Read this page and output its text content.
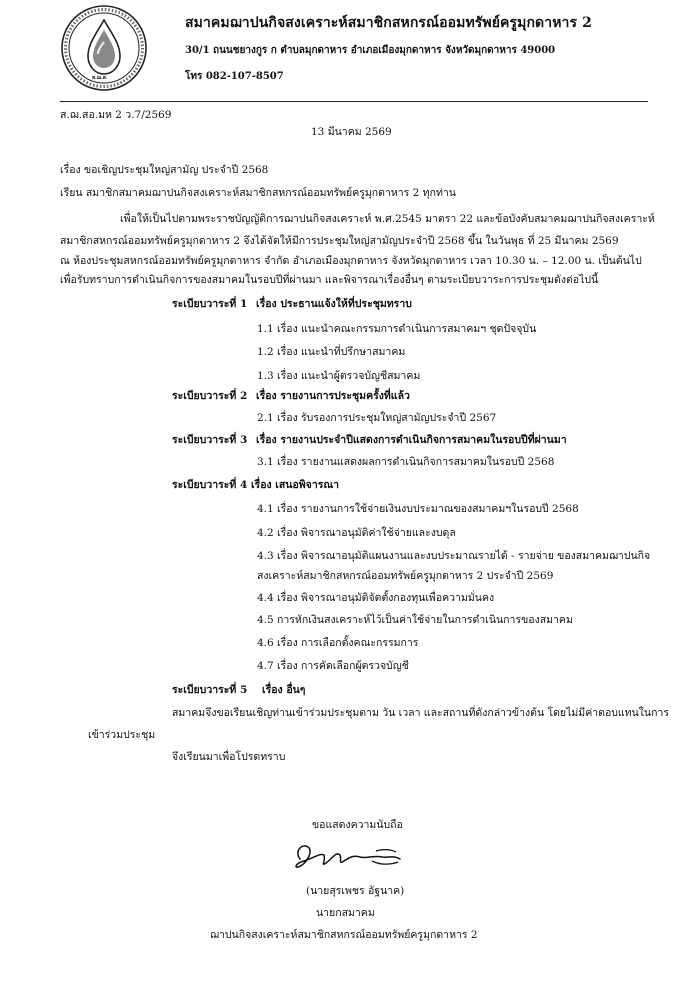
ส.ฌ.ส.
สมาคมฌาปนกิจสงเคราะห์สมาชิกสหกรณ์ออมทรัพย์ครูมุกดาหาร 2
30/1 ถนนชยางกูร ก ตำบลมุกดาหาร อำเภอเมืองมุกดาหาร จังหวัดมุกดาหาร 49000
โทร 082-107-8507
ส.ฌ.สอ.มห 2 ว.7/2569
13 มีนาคม 2569
เรื่อง ขอเชิญประชุมใหญ่สามัญ ประจำปี 2568
เรียน สมาชิกสมาคมฌาปนกิจสงเคราะห์สมาชิกสหกรณ์ออมทรัพย์ครูมุกดาหาร 2 ทุกท่าน
เพื่อให้เป็นไปตามพระราชบัญญัติการฌาปนกิจสงเคราะห์ พ.ศ.2545 มาตรา 22 และข้อบังคับสมาคมฌาปนกิจสงเคราะห์
สมาชิกสหกรณ์ออมทรัพย์ครูมุกดาหาร 2 จึงได้จัดให้มีการประชุมใหญ่สามัญประจำปี 2568 ขึ้น ในวันพุธ ที่ 25 มีนาคม 2569
ณ ห้องประชุมสหกรณ์ออมทรัพย์ครูมุกดาหาร จำกัด อำเภอเมืองมุกดาหาร จังหวัดมุกดาหาร เวลา 10.30 น. – 12.00 น. เป็นต้นไป
เพื่อรับทราบการดำเนินกิจการของสมาคมในรอบปีที่ผ่านมา และพิจารณาเรื่องอื่นๆ ตามระเบียบวาระการประชุมดังต่อไปนี้
ระเบียบวาระที่ 1 เรื่อง ประธานแจ้งให้ที่ประชุมทราบ
1.1 เรื่อง แนะนำคณะกรรมการดำเนินการสมาคมฯ ชุดปัจจุบัน
1.2 เรื่อง แนะนำที่ปรึกษาสมาคม
1.3 เรื่อง แนะนำผู้ตรวจบัญชีสมาคม
ระเบียบวาระที่ 2 เรื่อง รายงานการประชุมครั้งที่แล้ว
2.1 เรื่อง รับรองการประชุมใหญ่สามัญประจำปี 2567
ระเบียบวาระที่ 3 เรื่อง รายงานประจำปีแสดงการดำเนินกิจการสมาคมในรอบปีที่ผ่านมา
3.1 เรื่อง รายงานแสดงผลการดำเนินกิจการสมาคมในรอบปี 2568
ระเบียบวาระที่ 4 เรื่อง เสนอพิจารณา
4.1 เรื่อง รายงานการใช้จ่ายเงินงบประมาณของสมาคมฯในรอบปี 2568
4.2 เรื่อง พิจารณาอนุมัติค่าใช้จ่ายและงบดุล
4.3 เรื่อง พิจารณาอนุมัติแผนงานและงบประมาณรายได้ - รายจ่าย ของสมาคมฌาปนกิจ
สงเคราะห์สมาชิกสหกรณ์ออมทรัพย์ครูมุกดาหาร 2 ประจำปี 2569
4.4 เรื่อง พิจารณาอนุมัติจัดตั้งกองทุนเพื่อความมั่นคง
4.5 การหักเงินสงเคราะห์ไว้เป็นค่าใช้จ่ายในการดำเนินการของสมาคม
4.6 เรื่อง การเลือกตั้งคณะกรรมการ
4.7 เรื่อง การคัดเลือกผู้ตรวจบัญชี
ระเบียบวาระที่ 5 เรื่อง อื่นๆ
สมาคมจึงขอเรียนเชิญท่านเข้าร่วมประชุมตาม วัน เวลา และสถานที่ดังกล่าวข้างต้น โดยไม่มีค่าตอบแทนในการ
เข้าร่วมประชุม
จึงเรียนมาเพื่อโปรดทราบ
ขอแสดงความนับถือ
(นายสุรเพชร อัฐนาค)
นายกสมาคม
ฌาปนกิจสงเคราะห์สมาชิกสหกรณ์ออมทรัพย์ครูมุกดาหาร 2
